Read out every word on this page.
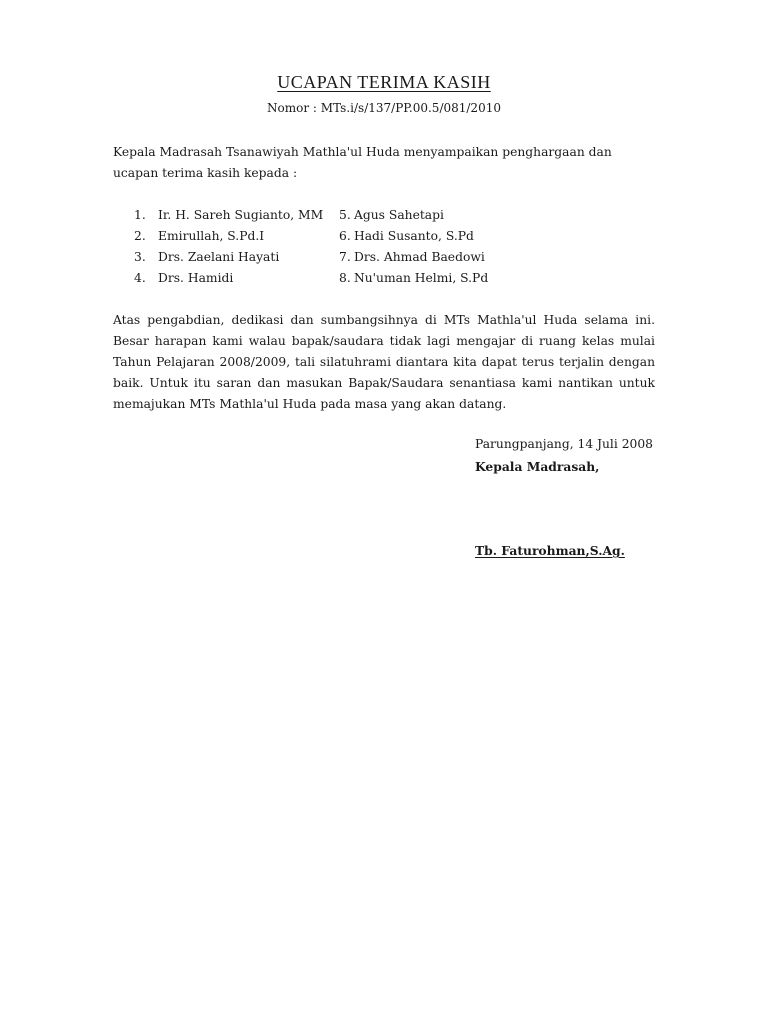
UCAPAN TERIMA KASIH
Nomor : MTs.i/s/137/PP.00.5/081/2010

Kepala Madrasah Tsanawiyah Mathla'ul Huda menyampaikan penghargaan dan ucapan terima kasih kepada :

1. Ir. H. Sareh Sugianto, MM
2. Emirullah, S.Pd.I
3. Drs. Zaelani Hayati
4. Drs. Hamidi
5. Agus Sahetapi
6. Hadi Susanto, S.Pd
7. Drs. Ahmad Baedowi
8. Nu'uman Helmi, S.Pd

Atas pengabdian, dedikasi dan sumbangsihnya di MTs Mathla'ul Huda selama ini. Besar harapan kami walau bapak/saudara tidak lagi mengajar di ruang kelas mulai Tahun Pelajaran 2008/2009, tali silatuhrami diantara kita dapat terus terjalin dengan baik. Untuk itu saran dan masukan Bapak/Saudara senantiasa kami nantikan untuk memajukan MTs Mathla'ul Huda pada masa yang akan datang.

Parungpanjang, 14 Juli 2008
Kepala Madrasah,
Tb. Faturohman,S.Ag.
